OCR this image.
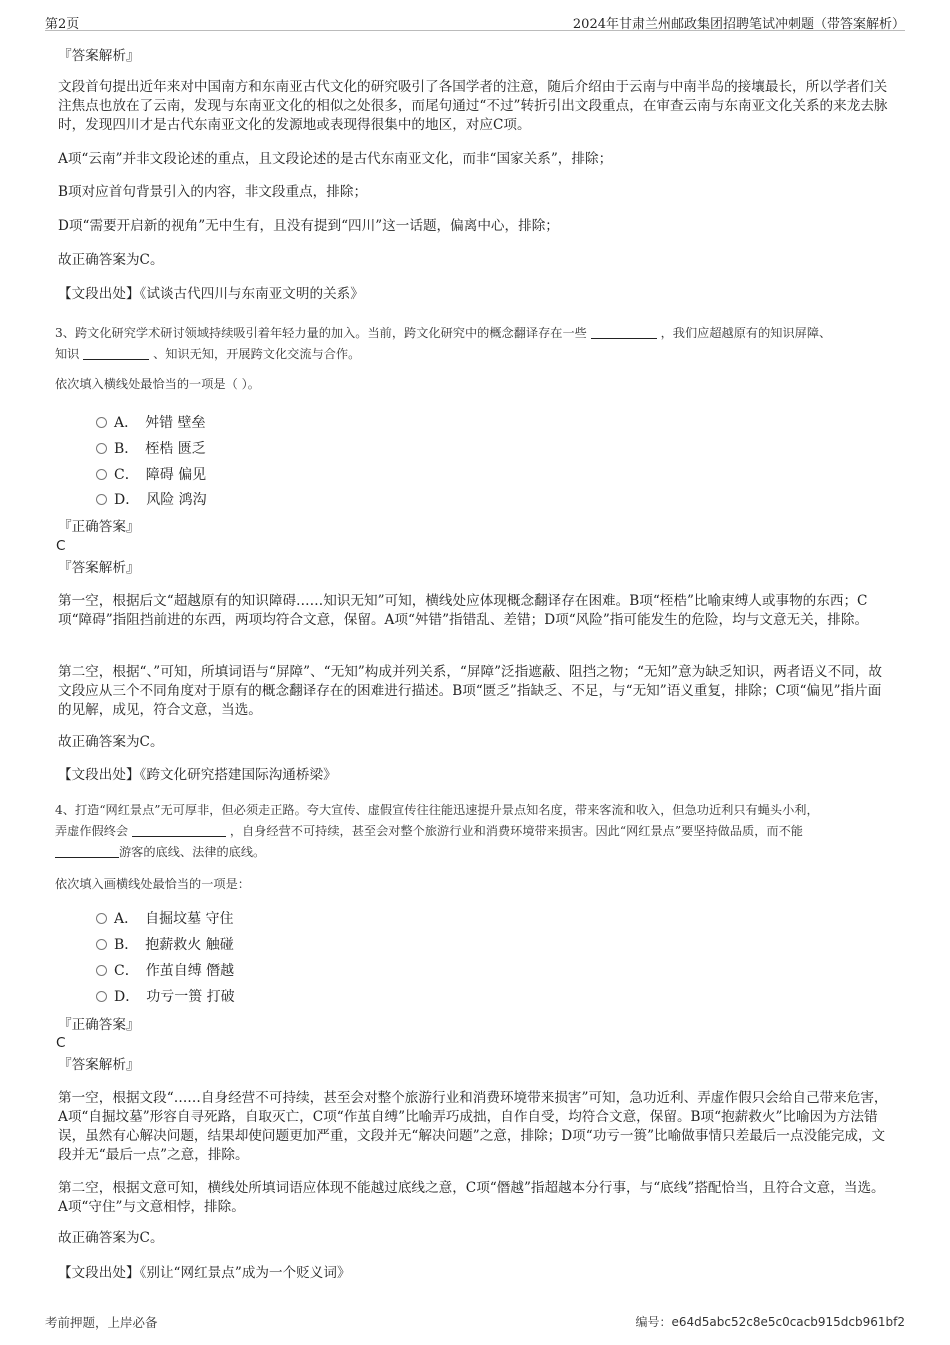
第2页	2024年甘肃兰州邮政集团招聘笔试冲刺题（带答案解析）
『答案解析』

文段首句提出近年来对中国南方和东南亚古代文化的研究吸引了各国学者的注意，随后介绍由于云南与中南半岛的接壤最长，所以学者们关注焦点也放在了云南，发现与东南亚文化的相似之处很多，而尾句通过“不过”转折引出文段重点，在审查云南与东南亚文化关系的来龙去脉时，发现四川才是古代东南亚文化的发源地或表现得很集中的地区，对应C项。

A项“云南”并非文段论述的重点，且文段论述的是古代东南亚文化，而非“国家关系”，排除；

B项对应首句背景引入的内容，非文段重点，排除；

D项“需要开启新的视角”无中生有，且没有提到“四川”这一话题，偏离中心，排除；

故正确答案为C。

【文段出处】《试谈古代四川与东南亚文明的关系》

3、跨文化研究学术研讨领域持续吸引着年轻力量的加入。当前，跨文化研究中的概念翻译存在一些	，我们应超越原有的知识屏障、
知识	、知识无知，开展跨文化交流与合作。
依次填入横线处最恰当的一项是（ ）。
A．　舛错 壁垒
B．　桎梏 匮乏
C．　障碍 偏见
D．　风险 鸿沟
『正确答案』
C
『答案解析』

第一空，根据后文“超越原有的知识障碍……知识无知”可知，横线处应体现概念翻译存在困难。B项“桎梏”比喻束缚人或事物的东西；C项“障碍”指阻挡前进的东西，两项均符合文意，保留。A项“舛错”指错乱、差错；D项“风险”指可能发生的危险，均与文意无关，排除。

第二空，根据“、”可知，所填词语与“屏障”、“无知”构成并列关系，“屏障”泛指遮蔽、阻挡之物；“无知”意为缺乏知识，两者语义不同，故文段应从三个不同角度对于原有的概念翻译存在的困难进行描述。B项“匮乏”指缺乏、不足，与“无知”语义重复，排除；C项“偏见”指片面的见解，成见，符合文意，当选。

故正确答案为C。

【文段出处】《跨文化研究搭建国际沟通桥梁》

4、打造“网红景点”无可厚非，但必须走正路。夸大宣传、虚假宣传往往能迅速提升景点知名度，带来客流和收入，但急功近利只有蝇头小利，
弄虚作假终会	，自身经营不可持续，甚至会对整个旅游行业和消费环境带来损害。因此“网红景点”要坚持做品质，而不能
游客的底线、法律的底线。
依次填入画横线处最恰当的一项是：
A．　自掘坟墓 守住
B．　抱薪救火 触碰
C．　作茧自缚 僭越
D．　功亏一篑 打破
『正确答案』
C
『答案解析』

第一空，根据文段“……自身经营不可持续，甚至会对整个旅游行业和消费环境带来损害”可知，急功近利、弄虚作假只会给自己带来危害，A项“自掘坟墓”形容自寻死路，自取灭亡，C项“作茧自缚”比喻弄巧成拙，自作自受，均符合文意，保留。B项“抱薪救火”比喻因为方法错误，虽然有心解决问题，结果却使问题更加严重，文段并无“解决问题”之意，排除；D项“功亏一篑”比喻做事情只差最后一点没能完成，文段并无“最后一点”之意，排除。

第二空，根据文意可知，横线处所填词语应体现不能越过底线之意，C项“僭越”指超越本分行事，与“底线”搭配恰当，且符合文意，当选。A项“守住”与文意相悖，排除。

故正确答案为C。

【文段出处】《别让“网红景点”成为一个贬义词》

考前押题，上岸必备	编号：e64d5abc52c8e5c0cacb915dcb961bf2
